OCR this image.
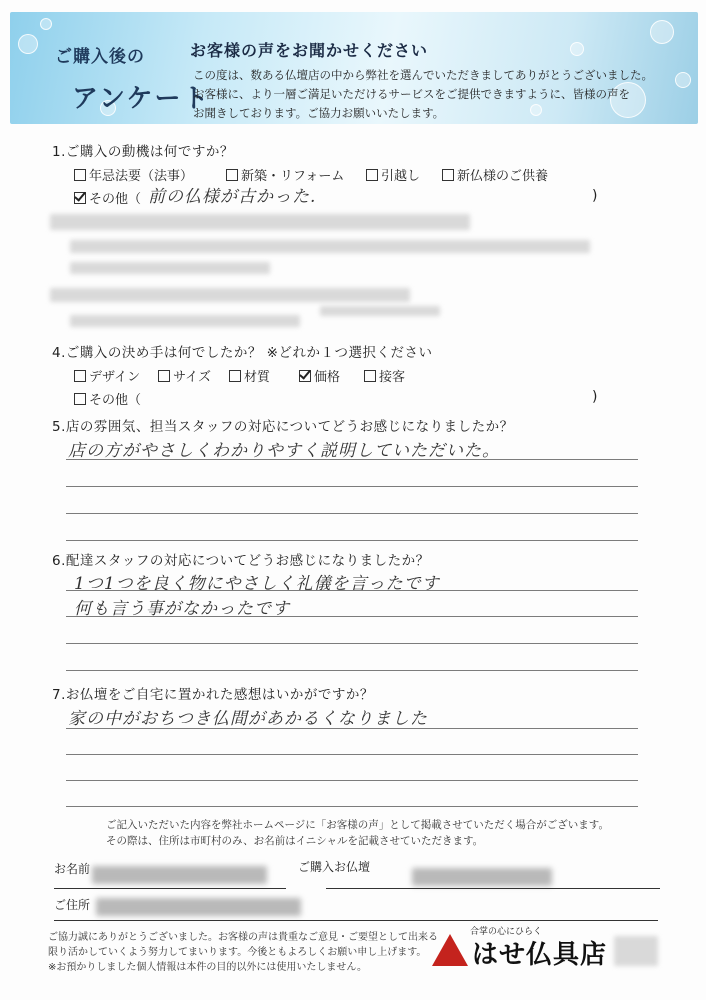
ご購入後の
アンケート
お客様の声をお聞かせください
この度は、数ある仏壇店の中から弊社を選んでいただきましてありがとうございました。
お客様に、より一層ご満足いただけるサービスをご提供できますように、皆様の声を
お聞きしております。ご協力お願いいたします。
1.ご購入の動機は何ですか？
年忌法要（法事）	新築・リフォーム	引越し	新仏様のご供養
その他（ 前の仏様が古かった.	)
4.ご購入の決め手は何でしたか？ ※どれか１つ選択ください
デザイン	サイズ	材質	価格	接客
その他（	)
5.店の雰囲気、担当スタッフの対応についてどうお感じになりましたか？
店の方がやさしくわかりやすく説明していただいた。
6.配達スタッフの対応についてどうお感じになりましたか？
1つ1つを良く物にやさしく礼儀を言ったです
何も言う事がなかったです
7.お仏壇をご自宅に置かれた感想はいかがですか？
家の中がおちつき仏間があかるくなりました
ご記入いただいた内容を弊社ホームページに「お客様の声」として掲載させていただく場合がございます。
その際は、住所は市町村のみ、お名前はイニシャルを記載させていただきます。
お名前	ご購入お仏壇
ご住所
ご協力誠にありがとうございました。お客様の声は貴重なご意見・ご要望として出来る
限り活かしていくよう努力してまいります。今後ともよろしくお願い申し上げます。
※お預かりしました個人情報は本件の目的以外には使用いたしません。
合掌の心にひらく
はせ仏具店
